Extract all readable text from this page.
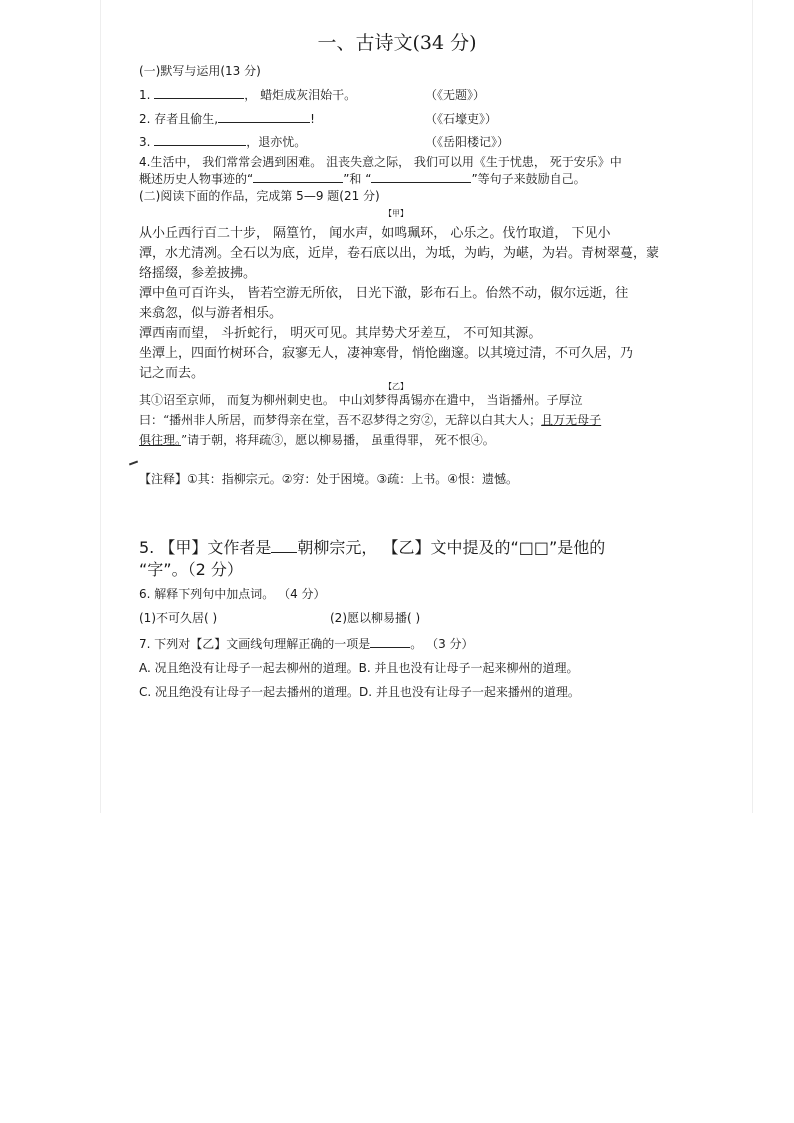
一、古诗文(34 分)
(一)默写与运用(13 分)
1.	， 蜡炬成灰泪始干。	（《无题》）
2. 存者且偷生,	!	（《石壕吏》）
3.	，退亦忧。	（《岳阳楼记》）
4.生活中， 我们常常会遇到困难。 沮丧失意之际， 我们可以用《生于忧患， 死于安乐》中
概述历史人物事迹的“	”和 “	”等句子来鼓励自己。
(二)阅读下面的作品，完成第 5—9 题(21 分)
【甲】
从小丘西行百二十步， 隔篁竹， 闻水声，如鸣珮环， 心乐之。伐竹取道， 下见小
潭，水尤清冽。全石以为底，近岸，卷石底以出，为坻，为屿，为嵁，为岩。青树翠蔓，蒙
络摇缀，参差披拂。
潭中鱼可百许头， 皆若空游无所依， 日光下澈，影布石上。佁然不动，俶尔远逝，往
来翕忽，似与游者相乐。
潭西南而望， 斗折蛇行， 明灭可见。其岸势犬牙差互， 不可知其源。
坐潭上，四面竹树环合，寂寥无人，凄神寒骨，悄怆幽邃。以其境过清，不可久居，乃
记之而去。
【乙】
其①诏至京师， 而复为柳州刺史也。 中山刘梦得禹锡亦在遣中， 当诣播州。子厚泣
曰：“播州非人所居，而梦得亲在堂，吾不忍梦得之穷②，无辞以白其大人；且万无母子
俱往理。”请于朝，将拜疏③，愿以柳易播， 虽重得罪， 死不恨④。
【注释】①其：指柳宗元。②穷：处于困境。③疏：上书。④恨：遗憾。
5. 【甲】文作者是 朝柳宗元， 【乙】文中提及的“□□”是他的
“字”。（2 分）
6. 解释下列句中加点词。 （4 分）
(1)不可久居( )	(2)愿以柳易播( )
7. 下列对【乙】文画线句理解正确的一项是	。 （3 分）
A. 况且绝没有让母子一起去柳州的道理。B. 并且也没有让母子一起来柳州的道理。
C. 况且绝没有让母子一起去播州的道理。D. 并且也没有让母子一起来播州的道理。
